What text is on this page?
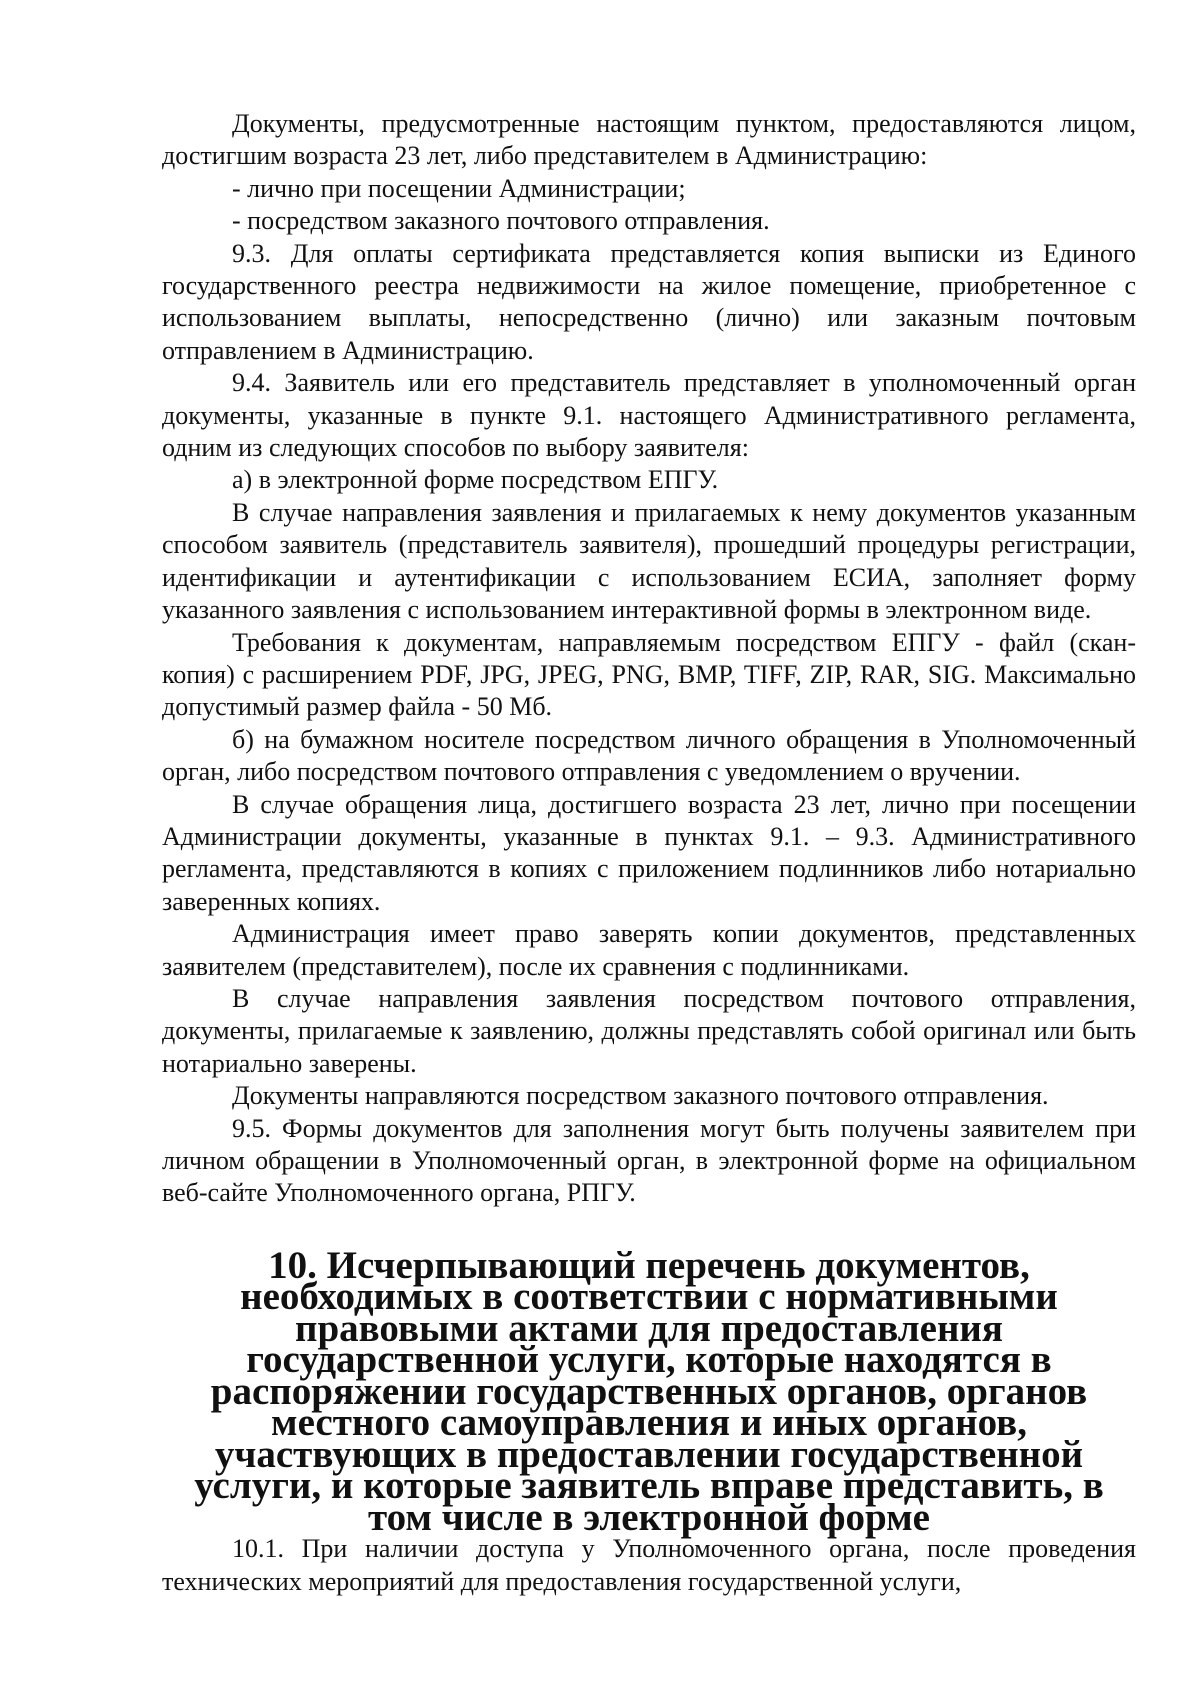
Документы, предусмотренные настоящим пунктом, предоставляются лицом, достигшим возраста 23 лет, либо представителем в Администрацию:

- лично при посещении Администрации;

- посредством заказного почтового отправления.

9.3. Для оплаты сертификата представляется копия выписки из Единого государственного реестра недвижимости на жилое помещение, приобретенное с использованием выплаты, непосредственно (лично) или заказным почтовым отправлением в Администрацию.

9.4. Заявитель или его представитель представляет в уполномоченный орган документы, указанные в пункте 9.1. настоящего Административного регламента, одним из следующих способов по выбору заявителя:

а) в электронной форме посредством ЕПГУ.

В случае направления заявления и прилагаемых к нему документов указанным способом заявитель (представитель заявителя), прошедший процедуры регистрации, идентификации и аутентификации с использованием ЕСИА, заполняет форму указанного заявления с использованием интерактивной формы в электронном виде.

Требования к документам, направляемым посредством ЕПГУ - файл (скан-копия) с расширением PDF, JPG, JPEG, PNG, BMP, TIFF, ZIP, RAR, SIG. Максимально допустимый размер файла - 50 Мб.

б) на бумажном носителе посредством личного обращения в Уполномоченный орган, либо посредством почтового отправления с уведомлением о вручении.

В случае обращения лица, достигшего возраста 23 лет, лично при посещении Администрации документы, указанные в пунктах 9.1. – 9.3. Административного регламента, представляются в копиях с приложением подлинников либо нотариально заверенных копиях.

Администрация имеет право заверять копии документов, представленных заявителем (представителем), после их сравнения с подлинниками.

В случае направления заявления посредством почтового отправления, документы, прилагаемые к заявлению, должны представлять собой оригинал или быть нотариально заверены.

Документы направляются посредством заказного почтового отправления.

9.5. Формы документов для заполнения могут быть получены заявителем при личном обращении в Уполномоченный орган, в электронной форме на официальном веб-сайте Уполномоченного органа, РПГУ.

10. Исчерпывающий перечень документов, необходимых в соответствии с нормативными правовыми актами для предоставления государственной услуги, которые находятся в распоряжении государственных органов, органов местного самоуправления и иных органов, участвующих в предоставлении государственной услуги, и которые заявитель вправе представить, в том числе в электронной форме

10.1. При наличии доступа у Уполномоченного органа, после проведения технических мероприятий для предоставления государственной услуги,
